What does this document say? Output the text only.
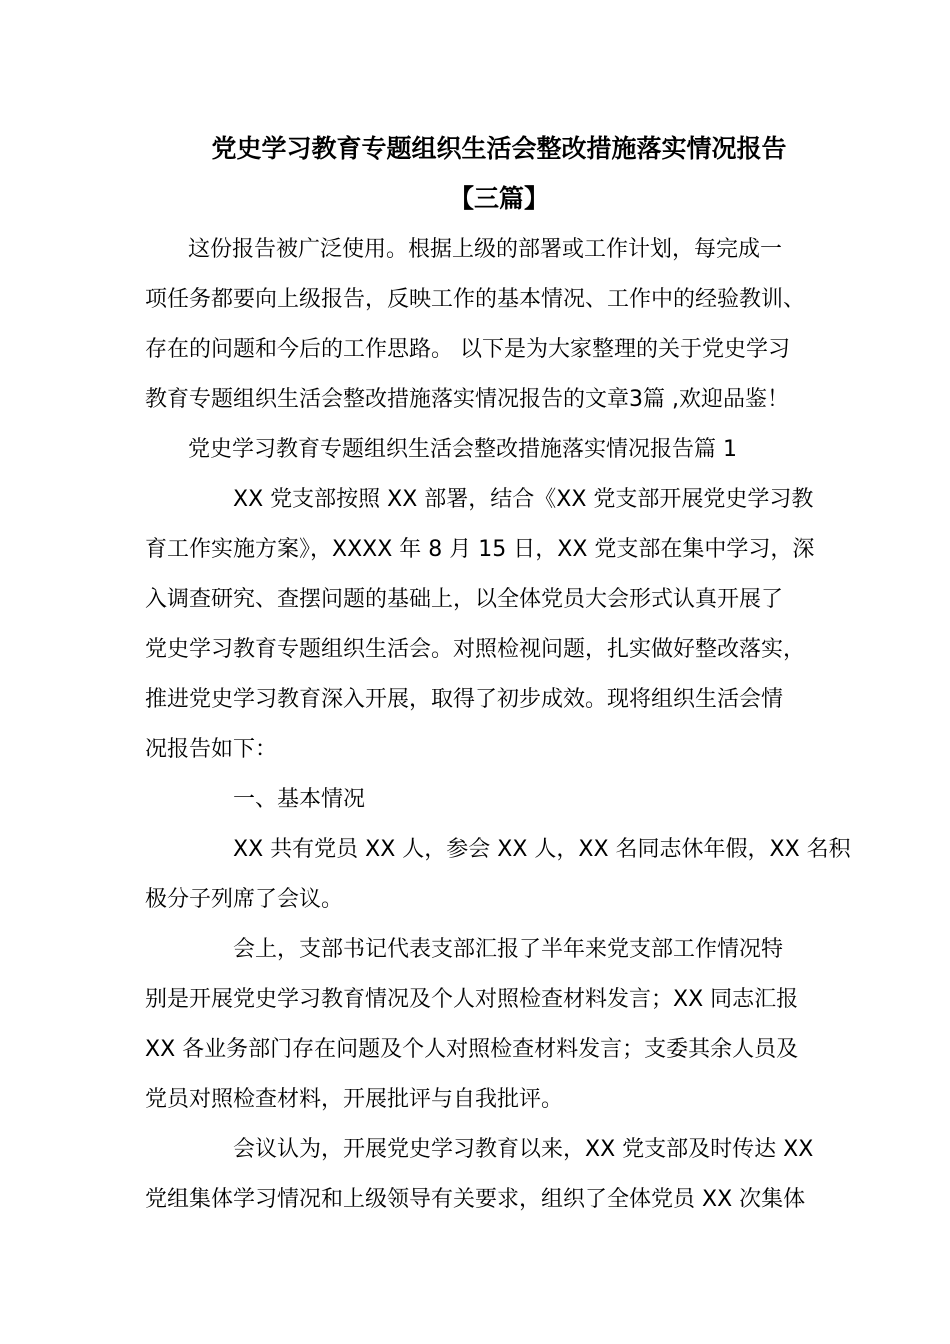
党史学习教育专题组织生活会整改措施落实情况报告
【三篇】
这份报告被广泛使用。根据上级的部署或工作计划，每完成一
项任务都要向上级报告，反映工作的基本情况、工作中的经验教训、
存在的问题和今后的工作思路。 以下是为大家整理的关于党史学习
教育专题组织生活会整改措施落实情况报告的文章3篇 ,欢迎品鉴！
党史学习教育专题组织生活会整改措施落实情况报告篇 1
XX 党支部按照 XX 部署，结合《XX 党支部开展党史学习教
育工作实施方案》，XXXX 年 8 月 15 日，XX 党支部在集中学习，深
入调查研究、查摆问题的基础上，以全体党员大会形式认真开展了
党史学习教育专题组织生活会。对照检视问题，扎实做好整改落实，
推进党史学习教育深入开展，取得了初步成效。现将组织生活会情
况报告如下：
一、基本情况
XX 共有党员 XX 人，参会 XX 人，XX 名同志休年假，XX 名积
极分子列席了会议。
会上，支部书记代表支部汇报了半年来党支部工作情况特
别是开展党史学习教育情况及个人对照检查材料发言；XX 同志汇报
XX 各业务部门存在问题及个人对照检查材料发言；支委其余人员及
党员对照检查材料，开展批评与自我批评。
会议认为，开展党史学习教育以来，XX 党支部及时传达 XX
党组集体学习情况和上级领导有关要求，组织了全体党员 XX 次集体
